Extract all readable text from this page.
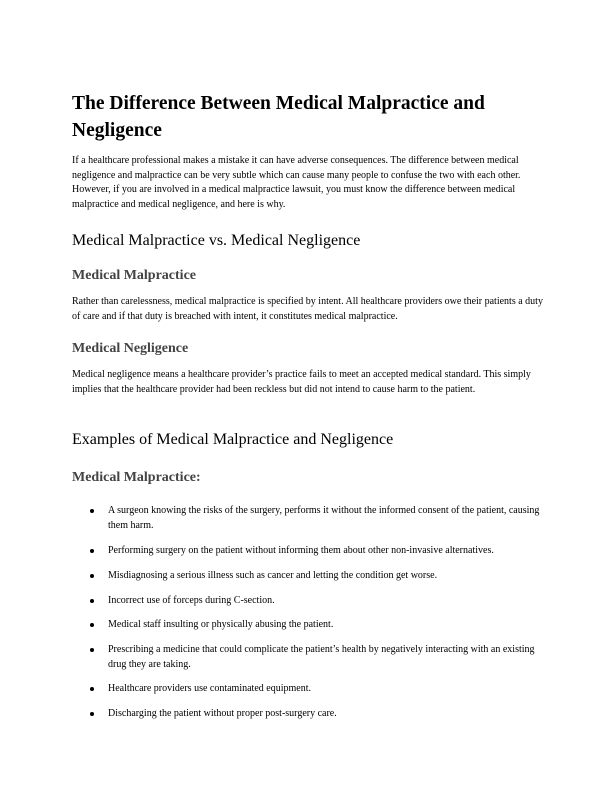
The Difference Between Medical Malpractice and Negligence
If a healthcare professional makes a mistake it can have adverse consequences. The difference between medical negligence and malpractice can be very subtle which can cause many people to confuse the two with each other. However, if you are involved in a medical malpractice lawsuit, you must know the difference between medical malpractice and medical negligence, and here is why.
Medical Malpractice vs. Medical Negligence
Medical Malpractice
Rather than carelessness, medical malpractice is specified by intent. All healthcare providers owe their patients a duty of care and if that duty is breached with intent, it constitutes medical malpractice.
Medical Negligence
Medical negligence means a healthcare provider’s practice fails to meet an accepted medical standard. This simply implies that the healthcare provider had been reckless but did not intend to cause harm to the patient.
Examples of Medical Malpractice and Negligence
Medical Malpractice:
A surgeon knowing the risks of the surgery, performs it without the informed consent of the patient, causing them harm.
Performing surgery on the patient without informing them about other non-invasive alternatives.
Misdiagnosing a serious illness such as cancer and letting the condition get worse.
Incorrect use of forceps during C-section.
Medical staff insulting or physically abusing the patient.
Prescribing a medicine that could complicate the patient’s health by negatively interacting with an existing drug they are taking.
Healthcare providers use contaminated equipment.
Discharging the patient without proper post-surgery care.
